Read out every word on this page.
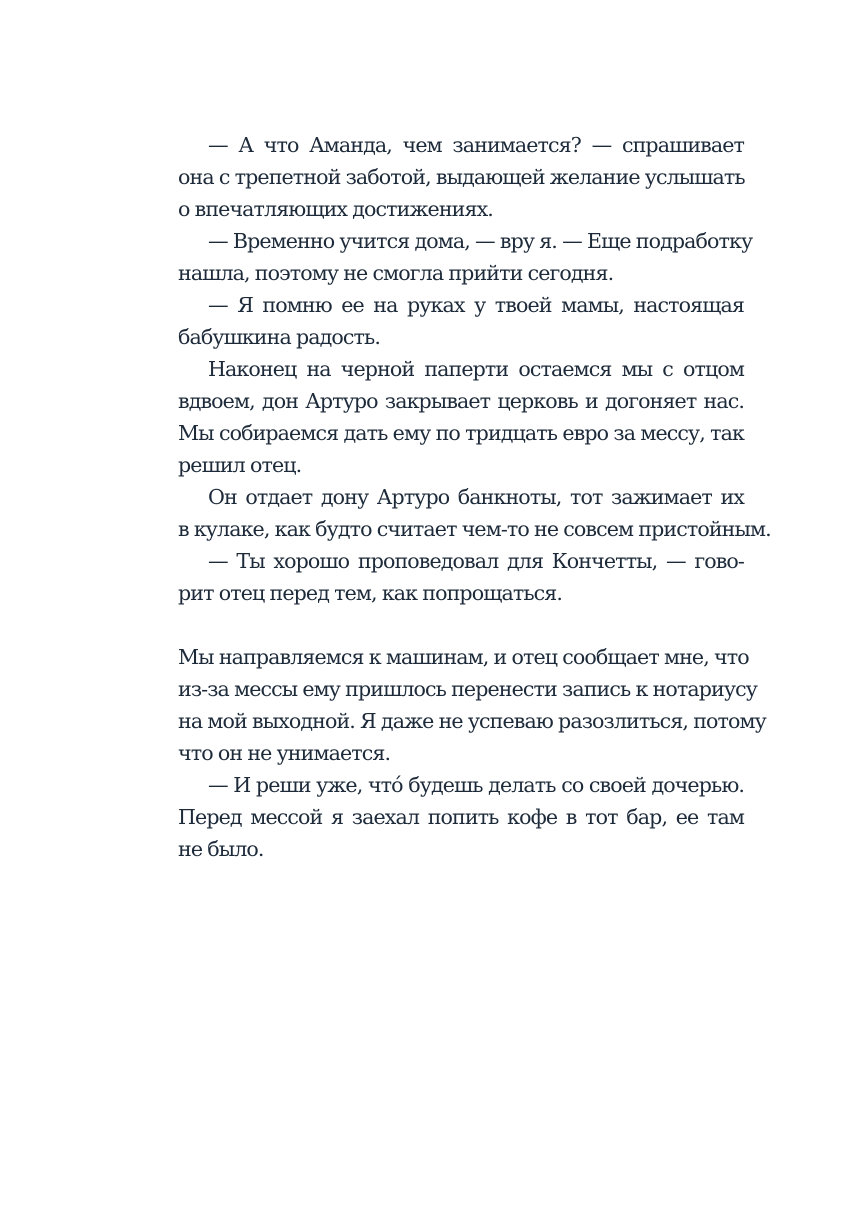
— А что Аманда, чем занимается? — спрашивает
она с трепетной заботой, выдающей желание услышать
о впечатляющих достижениях.
— Временно учится дома, — вру я. — Еще подработку
нашла, поэтому не смогла прийти сегодня.
— Я помню ее на руках у твоей мамы, настоящая
бабушкина радость.
Наконец на черной паперти остаемся мы с отцом
вдвоем, дон Артуро закрывает церковь и догоняет нас.
Мы собираемся дать ему по тридцать евро за мессу, так
решил отец.
Он отдает дону Артуро банкноты, тот зажимает их
в кулаке, как будто считает чем-то не совсем пристойным.
— Ты хорошо проповедовал для Кончетты, — гово-
рит отец перед тем, как попрощаться.
Мы направляемся к машинам, и отец сообщает мне, что
из-за мессы ему пришлось перенести запись к нотариусу
на мой выходной. Я даже не успеваю разозлиться, потому
что он не унимается.
— И реши уже, чтó будешь делать со своей дочерью.
Перед мессой я заехал попить кофе в тот бар, ее там
не было.
